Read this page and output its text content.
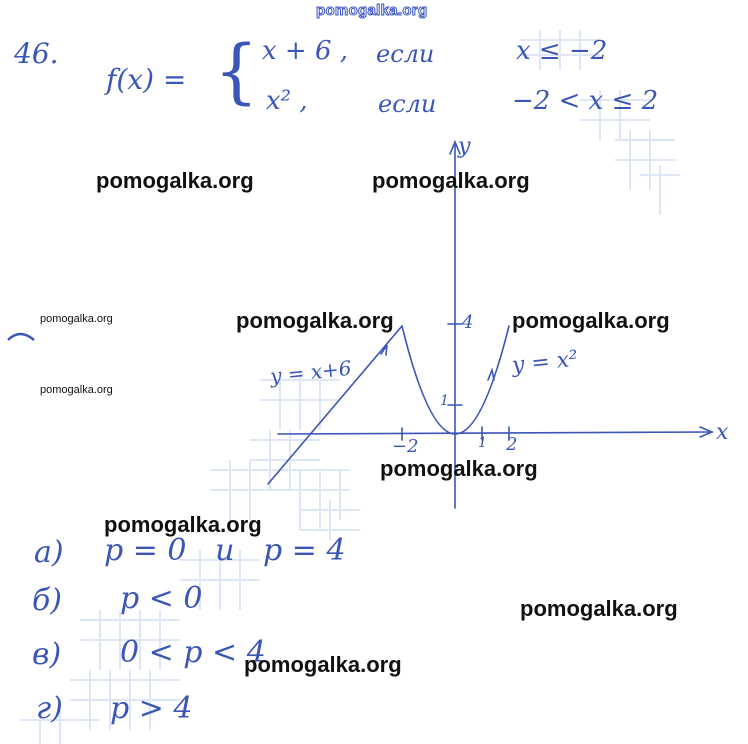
pomogalka.org
46.
f(x) = { x + 6 , если	x ≤ −2
x² ,	если	−2 < x ≤ 2
y
x
4
1
−2	1 2
y = x+6	y = x²
а) p = 0   и   p = 4
б) p < 0
в) 0 < p < 4
г) p > 4
pomogalka.org	pomogalka.org
pomogalka.org	pomogalka.org
pomogalka.org
pomogalka.org
pomogalka.org
pomogalka.org
pomogalka.org
pomogalka.org
